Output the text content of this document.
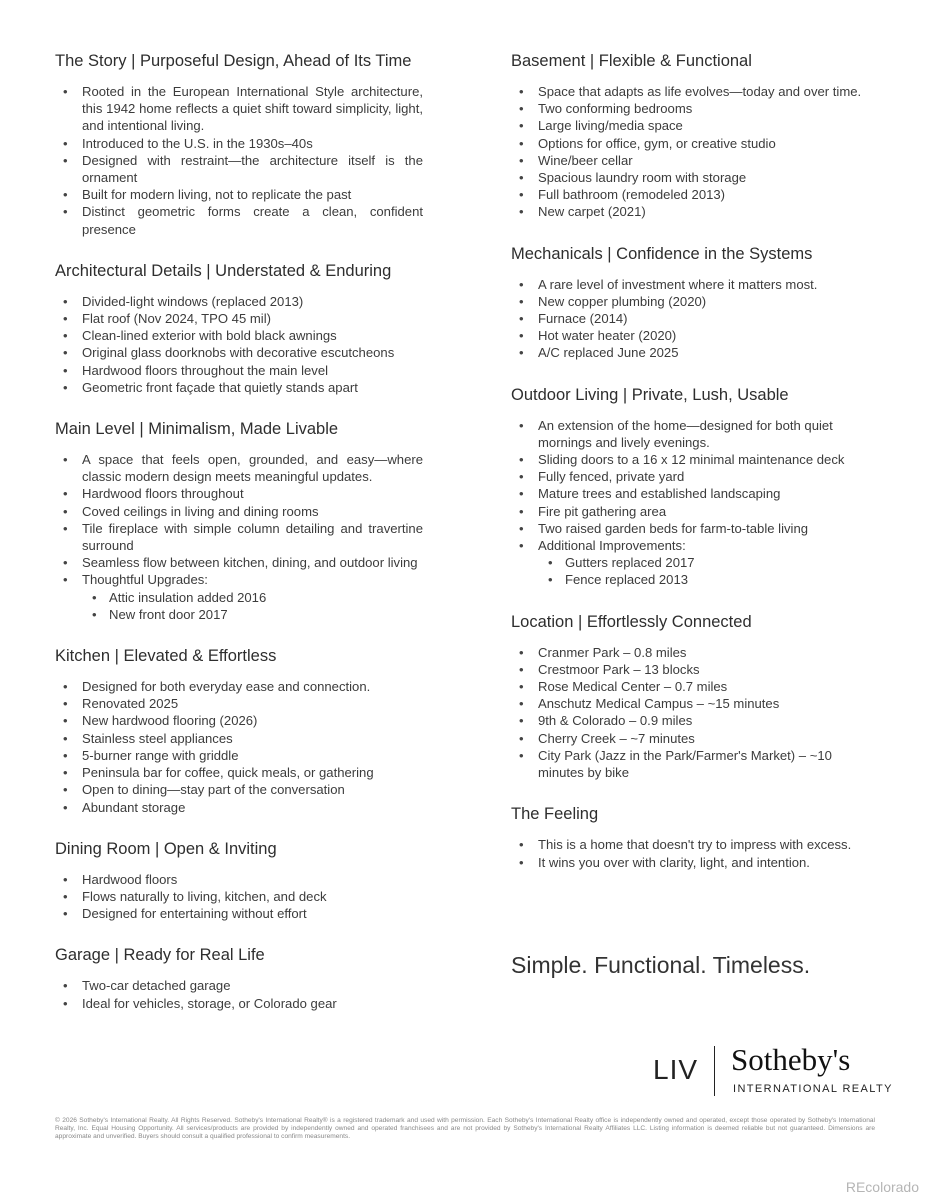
The Story | Purposeful Design, Ahead of Its Time
• Rooted in the European International Style architecture, this 1942 home reflects a quiet shift toward simplicity, light, and intentional living.
• Introduced to the U.S. in the 1930s–40s
• Designed with restraint—the architecture itself is the ornament
• Built for modern living, not to replicate the past
• Distinct geometric forms create a clean, confident presence
Architectural Details | Understated & Enduring
• Divided-light windows (replaced 2013)
• Flat roof (Nov 2024, TPO 45 mil)
• Clean-lined exterior with bold black awnings
• Original glass doorknobs with decorative escutcheons
• Hardwood floors throughout the main level
• Geometric front façade that quietly stands apart
Main Level | Minimalism, Made Livable
• A space that feels open, grounded, and easy—where classic modern design meets meaningful updates.
• Hardwood floors throughout
• Coved ceilings in living and dining rooms
• Tile fireplace with simple column detailing and travertine surround
• Seamless flow between kitchen, dining, and outdoor living
• Thoughtful Upgrades:
• Attic insulation added 2016
• New front door 2017
Kitchen | Elevated & Effortless
• Designed for both everyday ease and connection.
• Renovated 2025
• New hardwood flooring (2026)
• Stainless steel appliances
• 5-burner range with griddle
• Peninsula bar for coffee, quick meals, or gathering
• Open to dining—stay part of the conversation
• Abundant storage
Dining Room | Open & Inviting
• Hardwood floors
• Flows naturally to living, kitchen, and deck
• Designed for entertaining without effort
Garage | Ready for Real Life
• Two-car detached garage
• Ideal for vehicles, storage, or Colorado gear
Basement | Flexible & Functional
• Space that adapts as life evolves—today and over time.
• Two conforming bedrooms
• Large living/media space
• Options for office, gym, or creative studio
• Wine/beer cellar
• Spacious laundry room with storage
• Full bathroom (remodeled 2013)
• New carpet (2021)
Mechanicals | Confidence in the Systems
• A rare level of investment where it matters most.
• New copper plumbing (2020)
• Furnace (2014)
• Hot water heater (2020)
• A/C replaced June 2025
Outdoor Living | Private, Lush, Usable
• An extension of the home—designed for both quiet mornings and lively evenings.
• Sliding doors to a 16 x 12 minimal maintenance deck
• Fully fenced, private yard
• Mature trees and established landscaping
• Fire pit gathering area
• Two raised garden beds for farm-to-table living
• Additional Improvements:
• Gutters replaced 2017
• Fence replaced 2013
Location | Effortlessly Connected
• Cranmer Park – 0.8 miles
• Crestmoor Park – 13 blocks
• Rose Medical Center – 0.7 miles
• Anschutz Medical Campus – ~15 minutes
• 9th & Colorado – 0.9 miles
• Cherry Creek – ~7 minutes
• City Park (Jazz in the Park/Farmer's Market) – ~10 minutes by bike
The Feeling
• This is a home that doesn't try to impress with excess.
• It wins you over with clarity, light, and intention.
Simple. Functional. Timeless.
LIV Sotheby's
INTERNATIONAL REALTY
© 2026 Sotheby's International Realty. All Rights Reserved. Sotheby's International Realty® is a registered trademark and used with permission. Each Sotheby's International Realty office is independently owned and operated, except those operated by Sotheby's International Realty, Inc. Equal Housing Opportunity. All services/products are provided by independently owned and operated franchisees and are not provided by Sotheby's International Realty Affiliates LLC. Listing information is deemed reliable but not guaranteed. Dimensions are approximate and unverified. Buyers should consult a qualified professional to confirm measurements.
REcolorado
